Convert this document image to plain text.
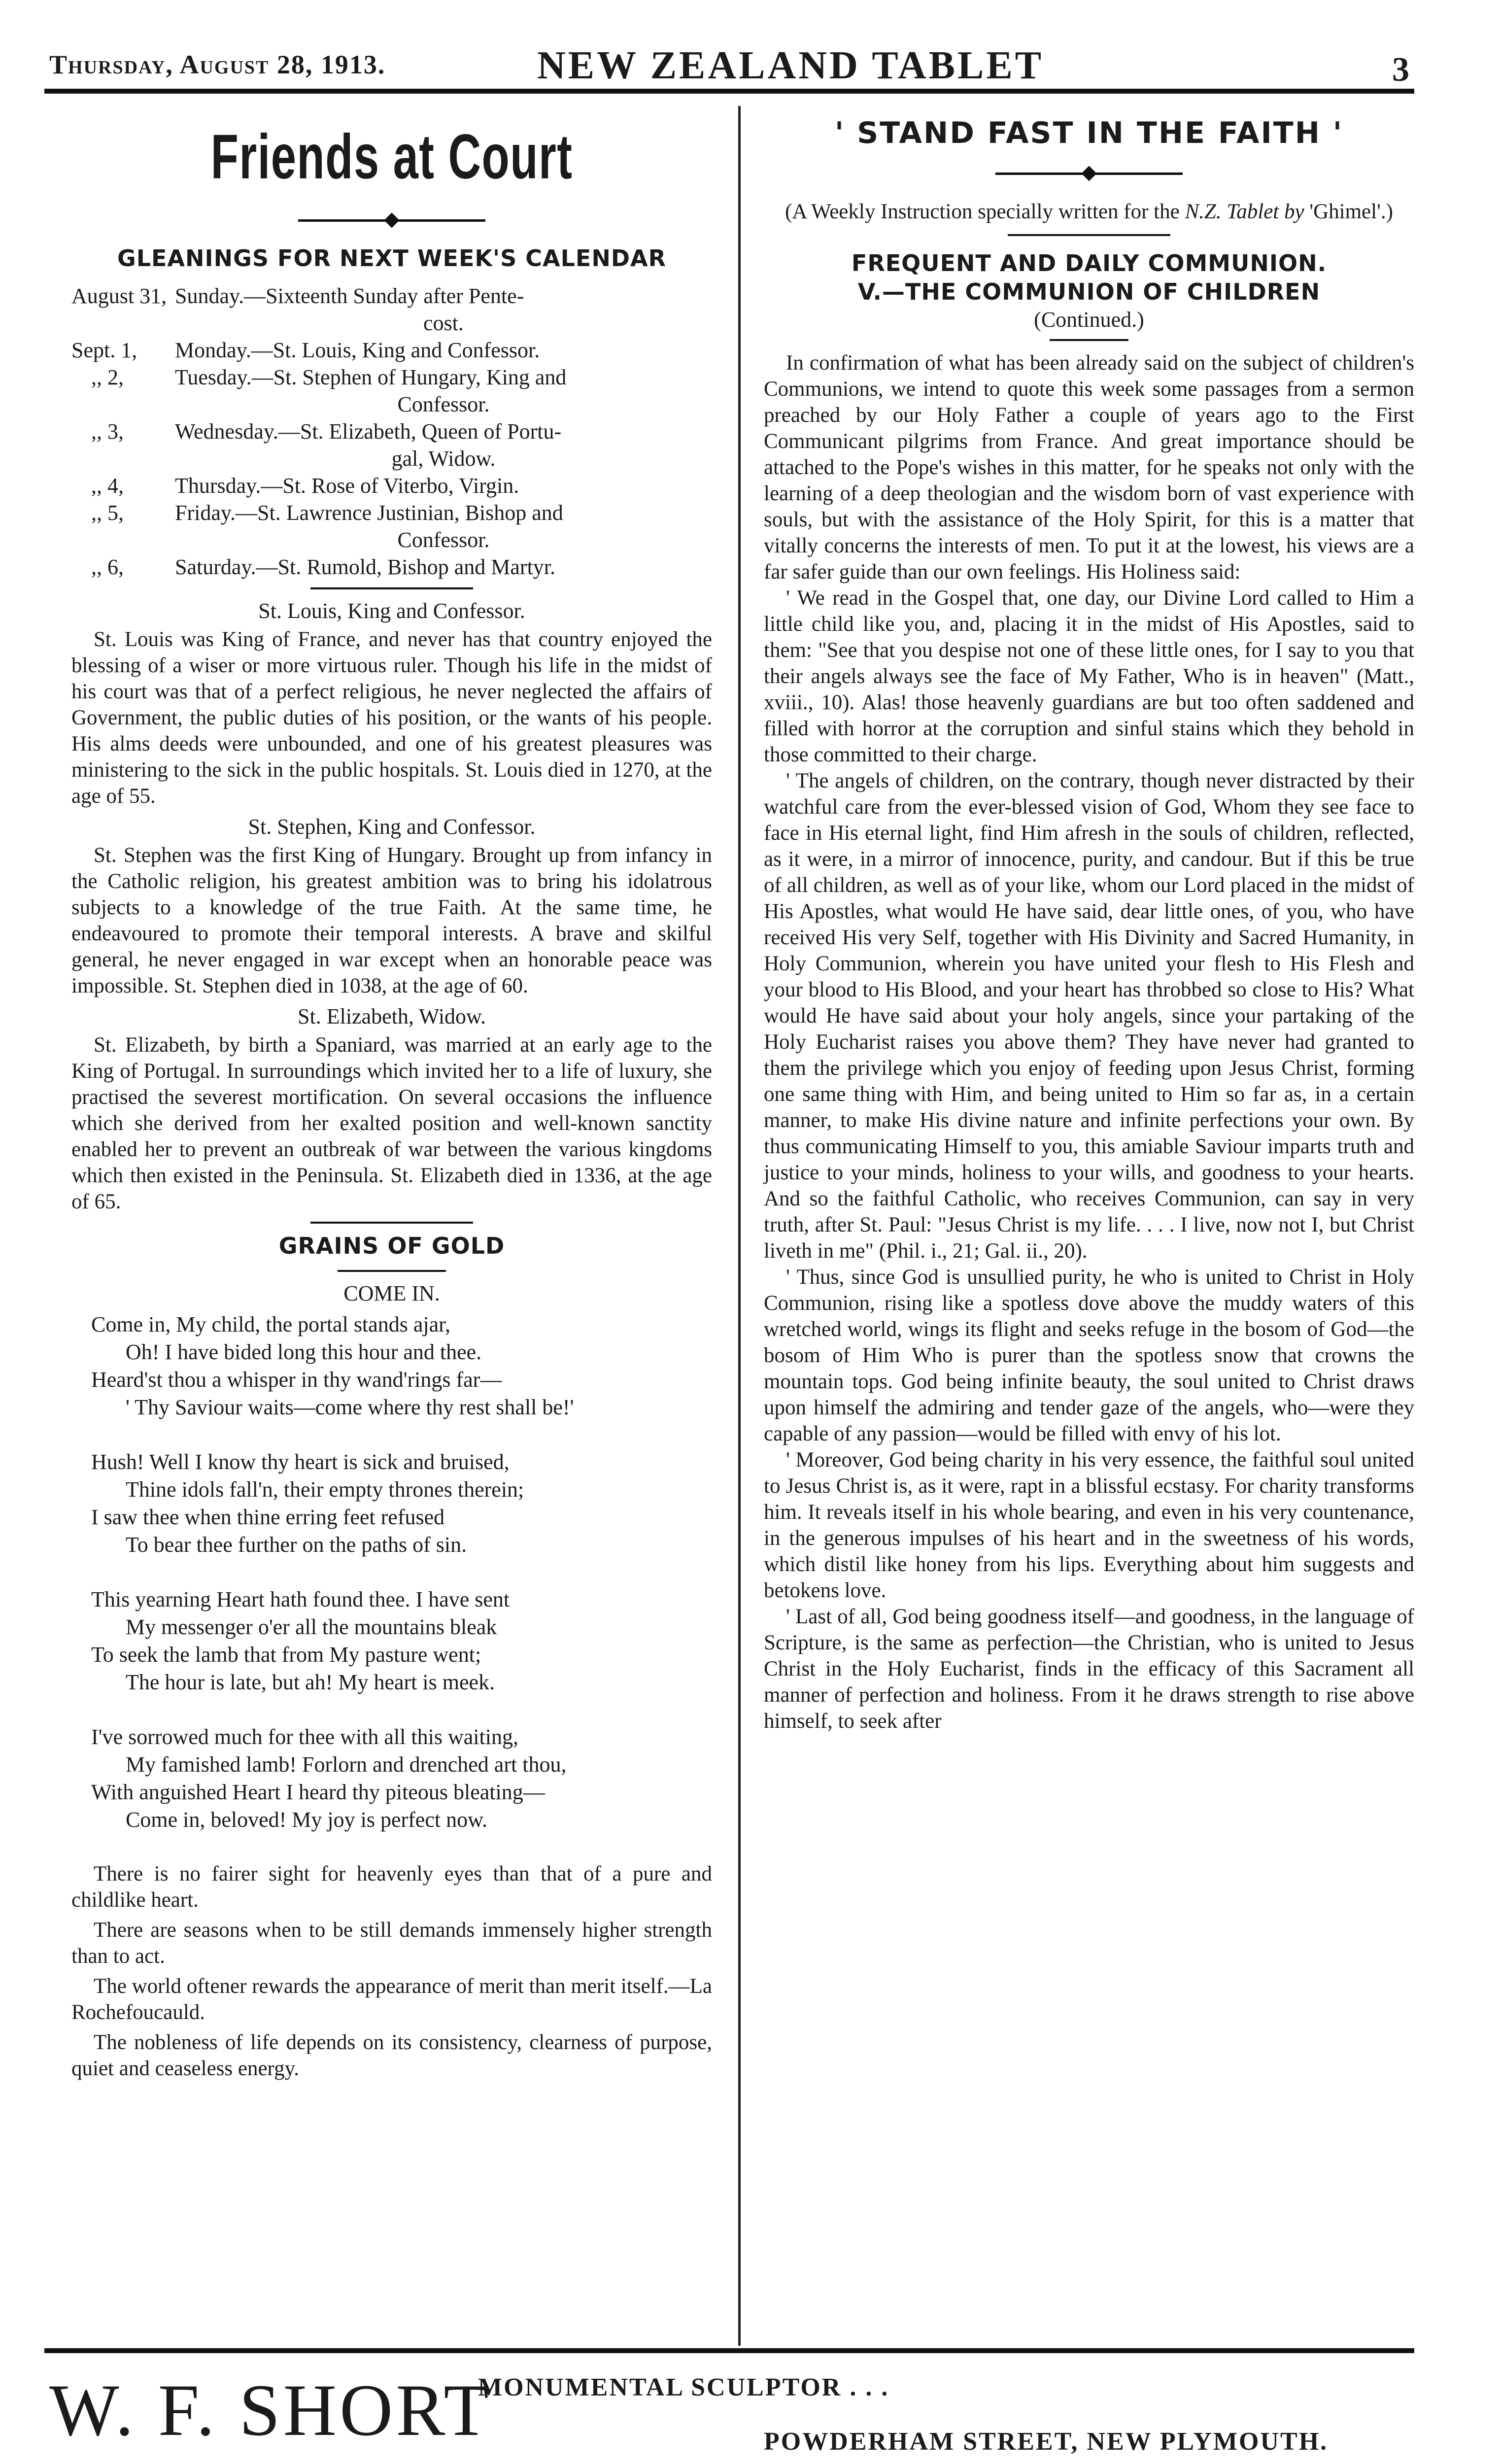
Thursday, August 28, 1913.	NEW ZEALAND TABLET	3
Friends at Court
GLEANINGS FOR NEXT WEEK'S CALENDAR
August 31, Sunday.—Sixteenth Sunday after Pente-
cost.
Sept. 1,	Monday.—St. Louis, King and Confessor.
,, 2,	Tuesday.—St. Stephen of Hungary, King and
Confessor.
,, 3,	Wednesday.—St. Elizabeth, Queen of Portu-
gal, Widow.
,, 4,	Thursday.—St. Rose of Viterbo, Virgin.
,, 5,	Friday.—St. Lawrence Justinian, Bishop and
Confessor.
,, 6,	Saturday.—St. Rumold, Bishop and Martyr.
St. Louis, King and Confessor.

St. Louis was King of France, and never has that country enjoyed the blessing of a wiser or more virtuous ruler. Though his life in the midst of his court was that of a perfect religious, he never neglected the affairs of Government, the public duties of his position, or the wants of his people. His alms deeds were unbounded, and one of his greatest pleasures was ministering to the sick in the public hospitals. St. Louis died in 1270, at the age of 55.

St. Stephen, King and Confessor.

St. Stephen was the first King of Hungary. Brought up from infancy in the Catholic religion, his greatest ambition was to bring his idolatrous subjects to a knowledge of the true Faith. At the same time, he endeavoured to promote their temporal interests. A brave and skilful general, he never engaged in war except when an honorable peace was impossible. St. Stephen died in 1038, at the age of 60.

St. Elizabeth, Widow.

St. Elizabeth, by birth a Spaniard, was married at an early age to the King of Portugal. In surroundings which invited her to a life of luxury, she practised the severest mortification. On several occasions the influence which she derived from her exalted position and well-known sanctity enabled her to prevent an outbreak of war between the various kingdoms which then existed in the Peninsula. St. Elizabeth died in 1336, at the age of 65.

GRAINS OF GOLD
COME IN.
Come in, My child, the portal stands ajar,
Oh! I have bided long this hour and thee.
Heard'st thou a whisper in thy wand'rings far—
' Thy Saviour waits—come where thy rest shall be!'
Hush! Well I know thy heart is sick and bruised,
Thine idols fall'n, their empty thrones therein;
I saw thee when thine erring feet refused
To bear thee further on the paths of sin.
This yearning Heart hath found thee. I have sent
My messenger o'er all the mountains bleak
To seek the lamb that from My pasture went;
The hour is late, but ah! My heart is meek.
I've sorrowed much for thee with all this waiting,
My famished lamb! Forlorn and drenched art thou,
With anguished Heart I heard thy piteous bleating—
Come in, beloved! My joy is perfect now.

There is no fairer sight for heavenly eyes than that of a pure and childlike heart.

There are seasons when to be still demands immensely higher strength than to act.

The world oftener rewards the appearance of merit than merit itself.—La Rochefoucauld.

The nobleness of life depends on its consistency, clearness of purpose, quiet and ceaseless energy.

' STAND FAST IN THE FAITH '
(A Weekly Instruction specially written for the N.Z. Tablet by 'Ghimel'.)
FREQUENT AND DAILY COMMUNION.
V.—THE COMMUNION OF CHILDREN
(Continued.)

In confirmation of what has been already said on the subject of children's Communions, we intend to quote this week some passages from a sermon preached by our Holy Father a couple of years ago to the First Communicant pilgrims from France. And great importance should be attached to the Pope's wishes in this matter, for he speaks not only with the learning of a deep theologian and the wisdom born of vast experience with souls, but with the assistance of the Holy Spirit, for this is a matter that vitally concerns the interests of men. To put it at the lowest, his views are a far safer guide than our own feelings. His Holiness said:

' We read in the Gospel that, one day, our Divine Lord called to Him a little child like you, and, placing it in the midst of His Apostles, said to them: "See that you despise not one of these little ones, for I say to you that their angels always see the face of My Father, Who is in heaven" (Matt., xviii., 10). Alas! those heavenly guardians are but too often saddened and filled with horror at the corruption and sinful stains which they behold in those committed to their charge.

' The angels of children, on the contrary, though never distracted by their watchful care from the ever-blessed vision of God, Whom they see face to face in His eternal light, find Him afresh in the souls of children, reflected, as it were, in a mirror of innocence, purity, and candour. But if this be true of all children, as well as of your like, whom our Lord placed in the midst of His Apostles, what would He have said, dear little ones, of you, who have received His very Self, together with His Divinity and Sacred Humanity, in Holy Communion, wherein you have united your flesh to His Flesh and your blood to His Blood, and your heart has throbbed so close to His? What would He have said about your holy angels, since your partaking of the Holy Eucharist raises you above them? They have never had granted to them the privilege which you enjoy of feeding upon Jesus Christ, forming one same thing with Him, and being united to Him so far as, in a certain manner, to make His divine nature and infinite perfections your own. By thus communicating Himself to you, this amiable Saviour imparts truth and justice to your minds, holiness to your wills, and goodness to your hearts. And so the faithful Catholic, who receives Communion, can say in very truth, after St. Paul: "Jesus Christ is my life. . . . I live, now not I, but Christ liveth in me" (Phil. i., 21; Gal. ii., 20).

' Thus, since God is unsullied purity, he who is united to Christ in Holy Communion, rising like a spotless dove above the muddy waters of this wretched world, wings its flight and seeks refuge in the bosom of God—the bosom of Him Who is purer than the spotless snow that crowns the mountain tops. God being infinite beauty, the soul united to Christ draws upon himself the admiring and tender gaze of the angels, who—were they capable of any passion—would be filled with envy of his lot.

' Moreover, God being charity in his very essence, the faithful soul united to Jesus Christ is, as it were, rapt in a blissful ecstasy. For charity transforms him. It reveals itself in his whole bearing, and even in his very countenance, in the generous impulses of his heart and in the sweetness of his words, which distil like honey from his lips. Everything about him suggests and betokens love.

' Last of all, God being goodness itself—and goodness, in the language of Scripture, is the same as perfection—the Christian, who is united to Jesus Christ in the Holy Eucharist, finds in the efficacy of this Sacrament all manner of perfection and holiness. From it he draws strength to rise above himself, to seek after

W. F. SHORT
MONUMENTAL SCULPTOR . . .
POWDERHAM STREET, NEW PLYMOUTH.
